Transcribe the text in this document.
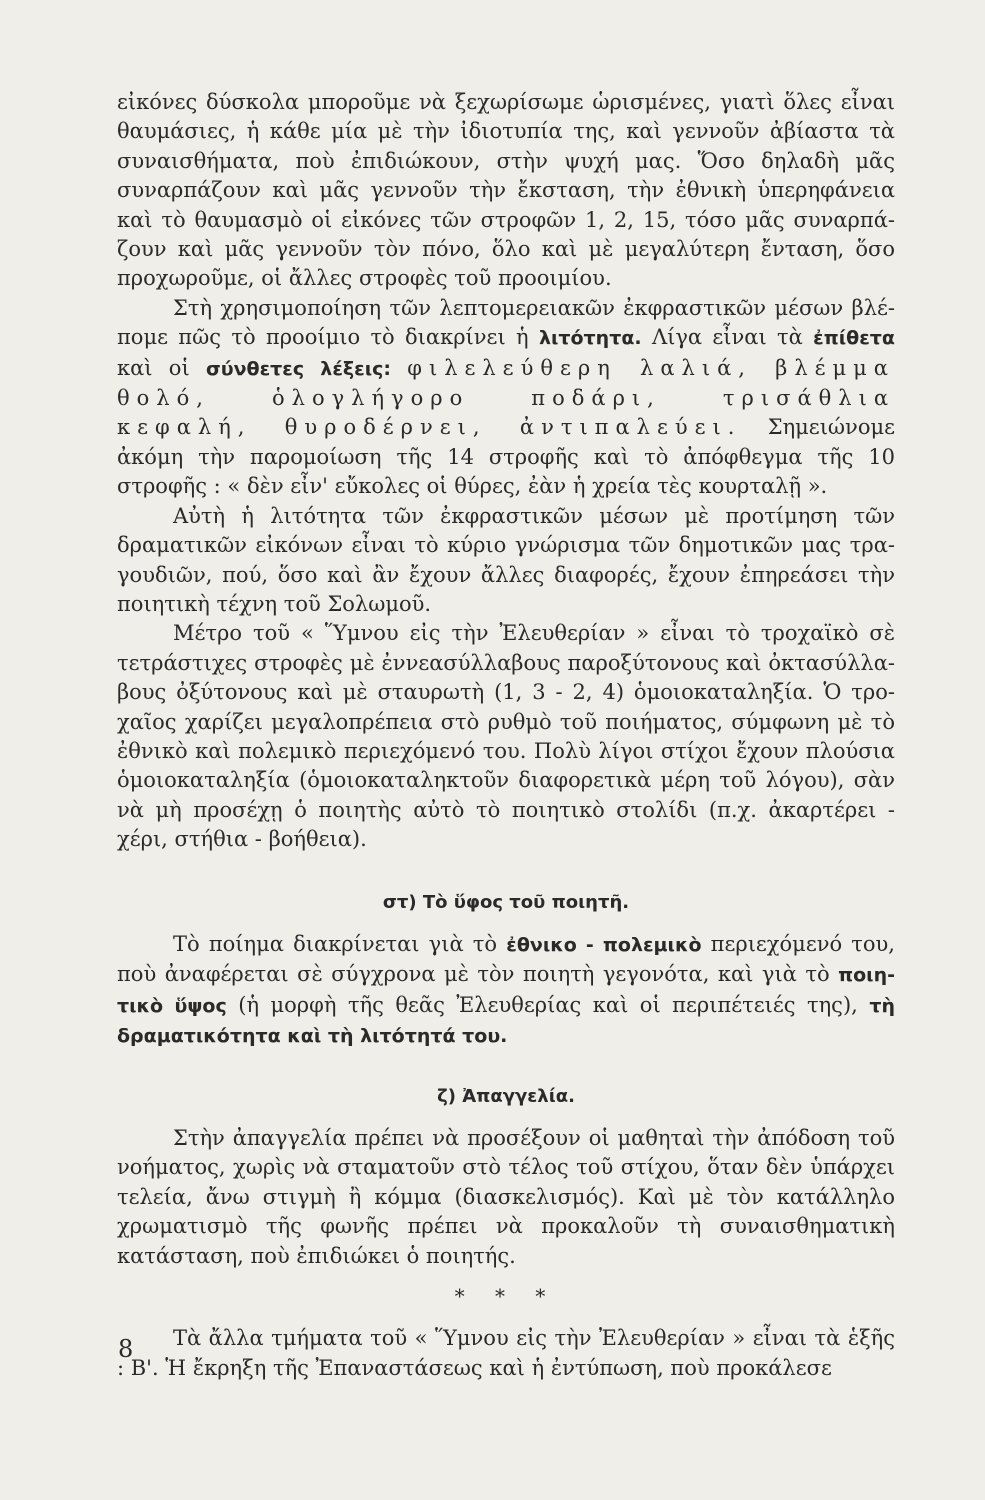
εἰκόνες δύσκολα μποροῦμε νὰ ξεχωρίσωμε ὡρισμένες, γιατὶ ὅλες εἶναι θαυμάσιες, ἡ κάθε μία μὲ τὴν ἰδιοτυπία της, καὶ γεννοῦν ἀβίαστα τὰ συναισθήματα, ποὺ ἐπιδιώκουν, στὴν ψυχή μας. Ὅσο δηλαδὴ μᾶς συναρπάζουν καὶ μᾶς γεννοῦν τὴν ἔκσταση, τὴν ἐθνικὴ ὑπερηφάνεια καὶ τὸ θαυμασμὸ οἱ εἰκόνες τῶν στροφῶν 1, 2, 15, τόσο μᾶς συναρπάζουν καὶ μᾶς γεννοῦν τὸν πόνο, ὅλο καὶ μὲ μεγαλύτερη ἔνταση, ὅσο προχωροῦμε, οἱ ἄλλες στροφὲς τοῦ προοιμίου.

Στὴ χρησιμοποίηση τῶν λεπτομερειακῶν ἐκφραστικῶν μέσων βλέπομε πῶς τὸ προοίμιο τὸ διακρίνει ἡ λιτότητα. Λίγα εἶναι τὰ ἐπίθετα καὶ οἱ σύνθετες λέξεις: φιλελεύθερη λαλιά, βλέμμα θολό, ὁλογλήγορο ποδάρι, τρισάθλια κεφαλή, θυροδέρνει, ἀντιπαλεύει. Σημειώνομε ἀκόμη τὴν παρομοίωση τῆς 14 στροφῆς καὶ τὸ ἀπόφθεγμα τῆς 10 στροφῆς : « δὲν εἶν' εὔκολες οἱ θύρες, ἐὰν ἡ χρεία τὲς κουρταλῇ ».

Αὐτὴ ἡ λιτότητα τῶν ἐκφραστικῶν μέσων μὲ προτίμηση τῶν δραματικῶν εἰκόνων εἶναι τὸ κύριο γνώρισμα τῶν δημοτικῶν μας τραγουδιῶν, πού, ὅσο καὶ ἂν ἔχουν ἄλλες διαφορές, ἔχουν ἐπηρεάσει τὴν ποιητικὴ τέχνη τοῦ Σολωμοῦ.

Μέτρο τοῦ « Ὕμνου εἰς τὴν Ἐλευθερίαν » εἶναι τὸ τροχαϊκὸ σὲ τετράστιχες στροφὲς μὲ ἐννεασύλλαβους παροξύτονους καὶ ὀκτασύλλαβους ὀξύτονους καὶ μὲ σταυρωτὴ (1, 3 - 2, 4) ὁμοιοκαταληξία. Ὁ τροχαῖος χαρίζει μεγαλοπρέπεια στὸ ρυθμὸ τοῦ ποιήματος, σύμφωνη μὲ τὸ ἐθνικὸ καὶ πολεμικὸ περιεχόμενό του. Πολὺ λίγοι στίχοι ἔχουν πλούσια ὁμοιοκαταληξία (ὁμοιοκαταληκτοῦν διαφορετικὰ μέρη τοῦ λόγου), σὰν νὰ μὴ προσέχῃ ὁ ποιητὴς αὐτὸ τὸ ποιητικὸ στολίδι (π.χ. ἀκαρτέρει - χέρι, στήθια - βοήθεια).

στ) Τὸ ὕφος τοῦ ποιητῆ.

Τὸ ποίημα διακρίνεται γιὰ τὸ ἐθνικο - πολεμικὸ περιεχόμενό του, ποὺ ἀναφέρεται σὲ σύγχρονα μὲ τὸν ποιητὴ γεγονότα, καὶ γιὰ τὸ ποιητικὸ ὕψος (ἡ μορφὴ τῆς θεᾶς Ἐλευθερίας καὶ οἱ περιπέτειές της), τὴ δραματικότητα καὶ τὴ λιτότητά του.

ζ) Ἀπαγγελία.

Στὴν ἀπαγγελία πρέπει νὰ προσέξουν οἱ μαθηταὶ τὴν ἀπόδοση τοῦ νοήματος, χωρὶς νὰ σταματοῦν στὸ τέλος τοῦ στίχου, ὅταν δὲν ὑπάρχει τελεία, ἄνω στιγμὴ ἢ κόμμα (διασκελισμός). Καὶ μὲ τὸν κατάλληλο χρωματισμὸ τῆς φωνῆς πρέπει νὰ προκαλοῦν τὴ συναισθηματικὴ κατάσταση, ποὺ ἐπιδιώκει ὁ ποιητής.

* * *

Τὰ ἄλλα τμήματα τοῦ « Ὕμνου εἰς τὴν Ἐλευθερίαν » εἶναι τὰ ἑξῆς : Β'. Ἡ ἔκρηξη τῆς Ἐπαναστάσεως καὶ ἡ ἐντύπωση, ποὺ προκάλεσε

8
